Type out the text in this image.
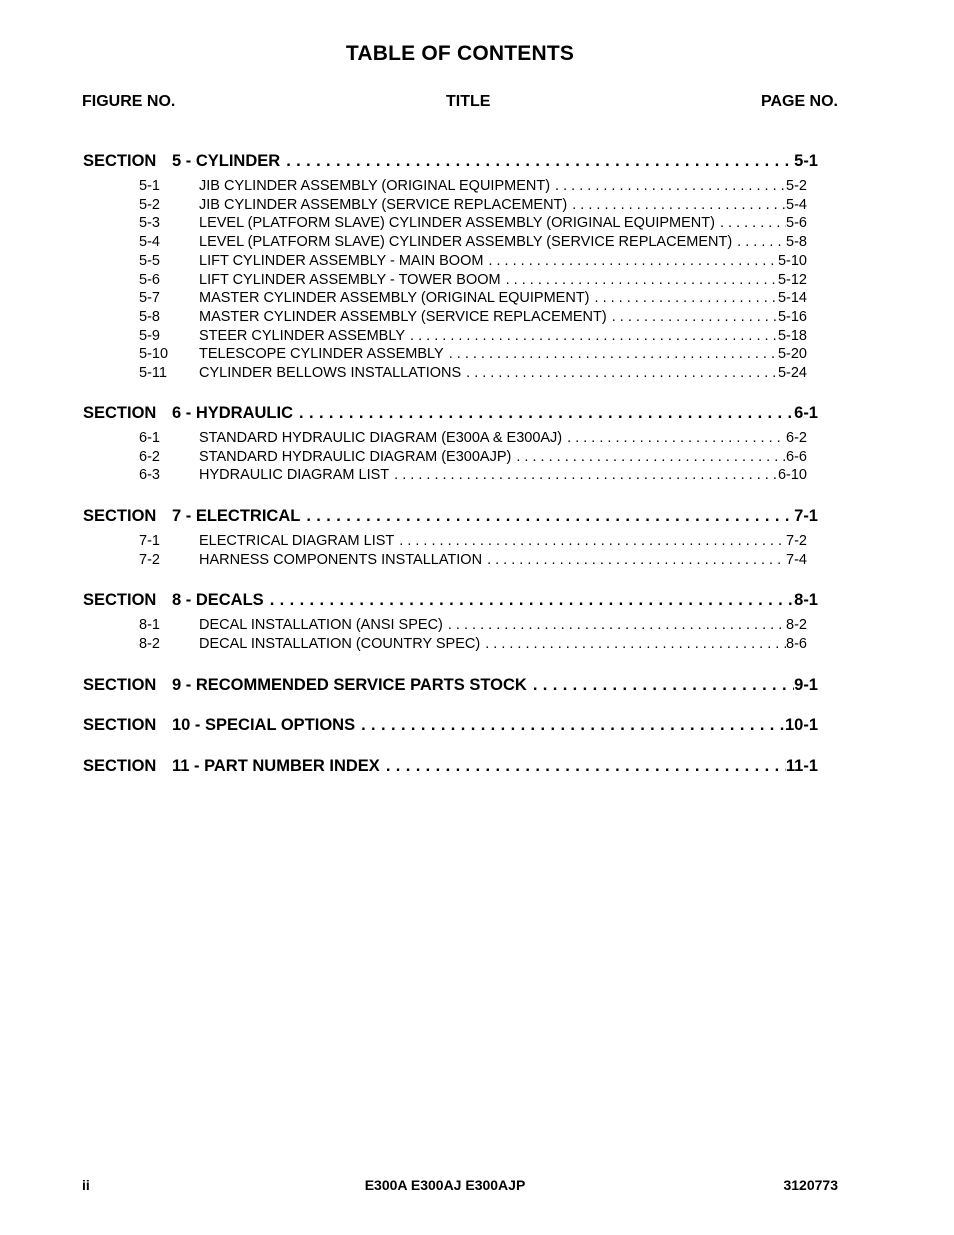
TABLE OF CONTENTS
FIGURE NO.	TITLE	PAGE NO.
SECTION 5 - CYLINDER . . .	5-1
5-1	JIB CYLINDER ASSEMBLY (ORIGINAL EQUIPMENT) . . .	5-2
5-2	JIB CYLINDER ASSEMBLY (SERVICE REPLACEMENT) . . .	5-4
5-3	LEVEL (PLATFORM SLAVE) CYLINDER ASSEMBLY (ORIGINAL EQUIPMENT) . . .	5-6
5-4	LEVEL (PLATFORM SLAVE) CYLINDER ASSEMBLY (SERVICE REPLACEMENT) . . .	5-8
5-5	LIFT CYLINDER ASSEMBLY - MAIN BOOM . . .	5-10
5-6	LIFT CYLINDER ASSEMBLY - TOWER BOOM . . .	5-12
5-7	MASTER CYLINDER ASSEMBLY (ORIGINAL EQUIPMENT) . . .	5-14
5-8	MASTER CYLINDER ASSEMBLY (SERVICE REPLACEMENT) . . .	5-16
5-9	STEER CYLINDER ASSEMBLY . . .	5-18
5-10	TELESCOPE CYLINDER ASSEMBLY . . .	5-20
5-11	CYLINDER BELLOWS INSTALLATIONS . . .	5-24
SECTION 6 - HYDRAULIC . . .	6-1
6-1	STANDARD HYDRAULIC DIAGRAM (E300A & E300AJ) . . .	6-2
6-2	STANDARD HYDRAULIC DIAGRAM (E300AJP) . . .	6-6
6-3	HYDRAULIC DIAGRAM LIST . . .	6-10
SECTION 7 - ELECTRICAL . . .	7-1
7-1	ELECTRICAL DIAGRAM LIST . . .	7-2
7-2	HARNESS COMPONENTS INSTALLATION . . .	7-4
SECTION 8 - DECALS . . .	8-1
8-1	DECAL INSTALLATION (ANSI SPEC) . . .	8-2
8-2	DECAL INSTALLATION (COUNTRY SPEC) . . .	8-6
SECTION 9 - RECOMMENDED SERVICE PARTS STOCK . . .	9-1
SECTION 10 - SPECIAL OPTIONS . . .	10-1
SECTION 11 - PART NUMBER INDEX . . .	11-1
ii	E300A E300AJ E300AJP	3120773
